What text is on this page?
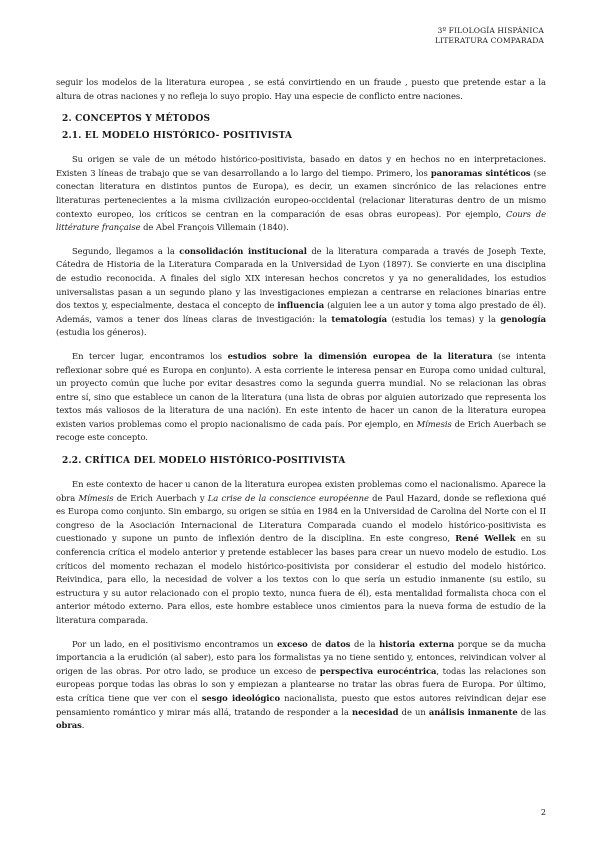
3º FILOLOGÍA HISPÁNICA
LITERATURA COMPARADA

seguir los modelos de la literatura europea , se está convirtiendo en un fraude , puesto que pretende estar a la altura de otras naciones y no refleja lo suyo propio. Hay una especie de conflicto entre naciones.

2. CONCEPTOS Y MÉTODOS
2.1. EL MODELO HISTÓRICO- POSITIVISTA

Su origen se vale de un método histórico-positivista, basado en datos y en hechos no en interpretaciones. Existen 3 líneas de trabajo que se van desarrollando a lo largo del tiempo. Primero, los panoramas sintéticos (se conectan literatura en distintos puntos de Europa), es decir, un examen sincrónico de las relaciones entre literaturas pertenecientes a la misma civilización europeo-occidental (relacionar literaturas dentro de un mismo contexto europeo, los críticos se centran en la comparación de esas obras europeas). Por ejemplo, Cours de littérature française de Abel François Villemain (1840).

Segundo, llegamos a la consolidación institucional de la literatura comparada a través de Joseph Texte, Cátedra de Historia de la Literatura Comparada en la Universidad de Lyon (1897). Se convierte en una disciplina de estudio reconocida. A finales del siglo XIX interesan hechos concretos y ya no generalidades, los estudios universalistas pasan a un segundo plano y las investigaciones empiezan a centrarse en relaciones binarias entre dos textos y, especialmente, destaca el concepto de influencia (alguien lee a un autor y toma algo prestado de él). Además, vamos a tener dos líneas claras de investigación: la tematología (estudia los temas) y la genología (estudia los géneros).

En tercer lugar, encontramos los estudios sobre la dimensión europea de la literatura (se intenta reflexionar sobre qué es Europa en conjunto). A esta corriente le interesa pensar en Europa como unidad cultural, un proyecto común que luche por evitar desastres como la segunda guerra mundial. No se relacionan las obras entre sí, sino que establece un canon de la literatura (una lista de obras por alguien autorizado que representa los textos más valiosos de la literatura de una nación). En este intento de hacer un canon de la literatura europea existen varios problemas como el propio nacionalismo de cada país. Por ejemplo, en Mímesis de Erich Auerbach se recoge este concepto.

2.2. CRÍTICA DEL MODELO HISTÓRICO-POSITIVISTA

En este contexto de hacer u canon de la literatura europea existen problemas como el nacionalismo. Aparece la obra Mímesis de Erich Auerbach y La crise de la conscience européenne de Paul Hazard, donde se reflexiona qué es Europa como conjunto. Sin embargo, su origen se sitúa en 1984 en la Universidad de Carolina del Norte con el II congreso de la Asociación Internacional de Literatura Comparada cuando el modelo histórico-positivista es cuestionado y supone un punto de inflexión dentro de la disciplina. En este congreso, René Wellek en su conferencia crítica el modelo anterior y pretende establecer las bases para crear un nuevo modelo de estudio. Los críticos del momento rechazan el modelo histórico-positivista por considerar el estudio del modelo histórico. Reivindica, para ello, la necesidad de volver a los textos con lo que sería un estudio inmanente (su estilo, su estructura y su autor relacionado con el propio texto, nunca fuera de él), esta mentalidad formalista choca con el anterior método externo. Para ellos, este hombre establece unos cimientos para la nueva forma de estudio de la literatura comparada.

Por un lado, en el positivismo encontramos un exceso de datos de la historia externa porque se da mucha importancia a la erudición (al saber), esto para los formalistas ya no tiene sentido y, entonces, reivindican volver al origen de las obras. Por otro lado, se produce un exceso de perspectiva eurocéntrica, todas las relaciones son europeas porque todas las obras lo son y empiezan a plantearse no tratar las obras fuera de Europa. Por último, esta crítica tiene que ver con el sesgo ideológico nacionalista, puesto que estos autores reivindican dejar ese pensamiento romántico y mirar más allá, tratando de responder a la necesidad de un análisis inmanente de las obras.

2
